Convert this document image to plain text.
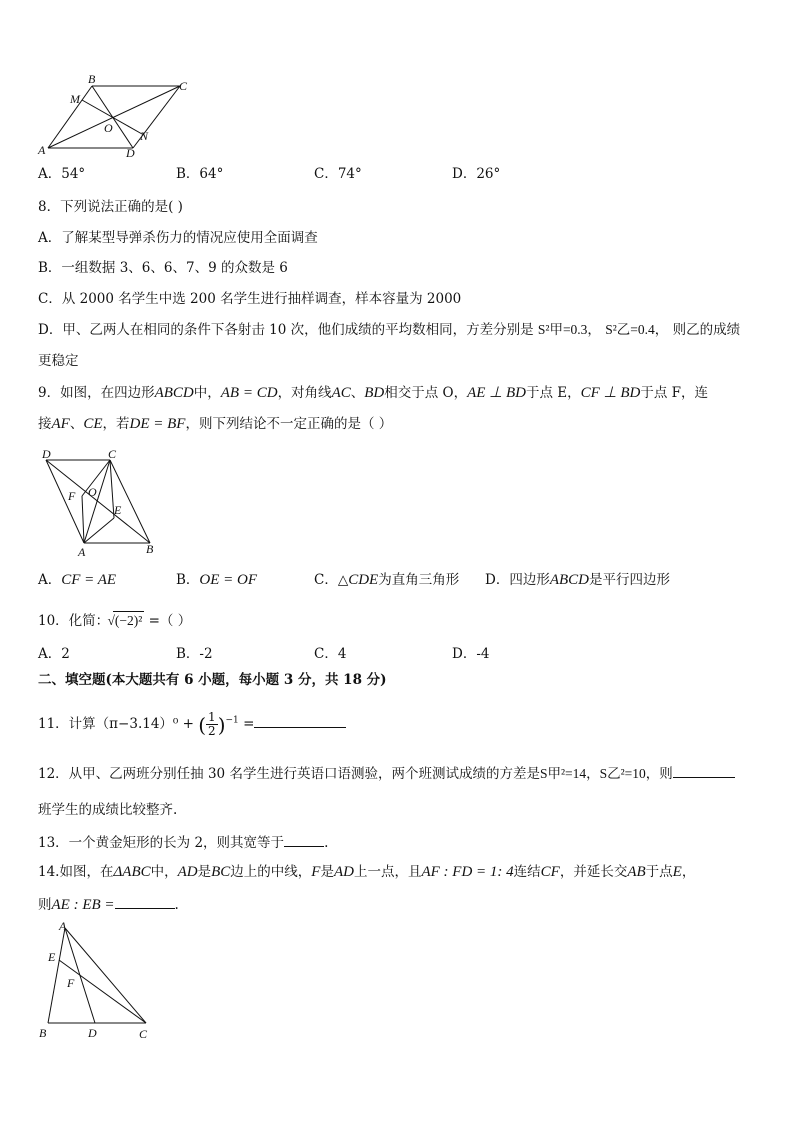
B	C
M
O
N
A	D
A．54°	B．64°	C．74°	D．26°
8．下列说法正确的是( )
A．了解某型导弹杀伤力的情况应使用全面调查
B．一组数据 3、6、6、7、9 的众数是 6
C．从 2000 名学生中选 200 名学生进行抽样调查，样本容量为 2000
D．甲、乙两人在相同的条件下各射击 10 次，他们成绩的平均数相同，方差分别是 S²甲=0.3， S²乙=0.4， 则乙的成绩
更稳定
9．如图，在四边形ABCD中，AB = CD，对角线AC、BD相交于点 O，AE ⊥ BD于点 E，CF ⊥ BD于点 F，连
接AF、CE，若DE = BF，则下列结论不一定正确的是（ ）
D	C
O
F
E
A	B
A．CF = AE	B．OE = OF	C．△CDE为直角三角形 D．四边形ABCD是平行四边形
10．化简： √(−2)² =（ ）
A．2	B．-2	C．4	D．-4
二、填空题(本大题共有 6 小题，每小题 3 分，共 18 分)
11．计算（π−3.14）⁰ + ( $\frac{1}{2} )^{-1}$ =
12．从甲、乙两班分别任抽 30 名学生进行英语口语测验，两个班测试成绩的方差是S甲²=14，S乙²=10，则
班学生的成绩比较整齐.
13．一个黄金矩形的长为 2，则其宽等于	.
14.如图，在ΔABC中，AD是BC边上的中线，F是AD上一点，且AF : FD = 1: 4连结CF，并延长交AB于点E，
则AE : EB =	.
A
E
F
B	D	C
